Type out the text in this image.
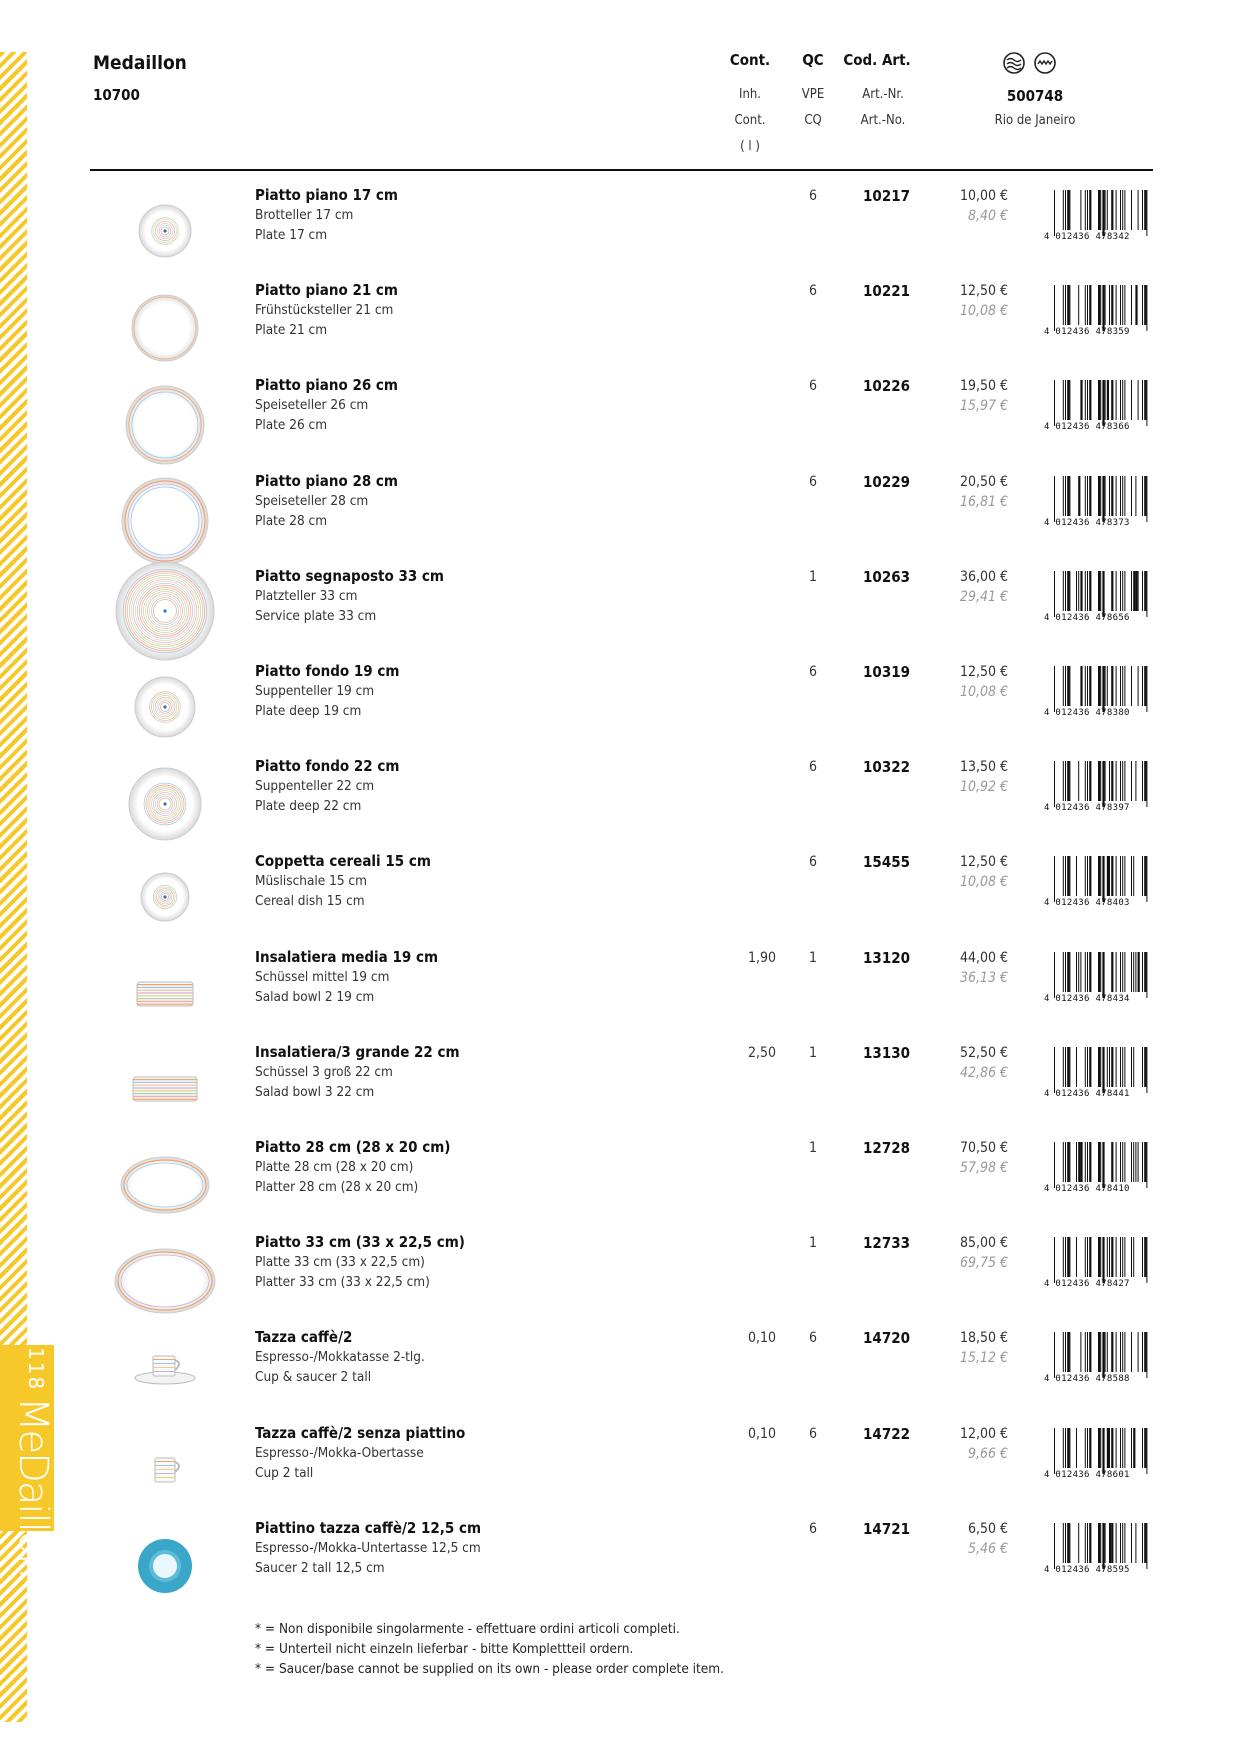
118
MeDaillon
Medaillon
10700
Cont.
Inh.
Cont.
( l )
QC
VPE
CQ
Cod. Art.
Art.-Nr.
Art.-No.
500748
Rio de Janeiro
Piatto piano 17 cm
Brotteller 17 cm
Plate 17 cm
6	10217	10,00 €
8,40 €
4 012436 478342
Piatto piano 21 cm
Frühstücksteller 21 cm
Plate 21 cm
6	10221	12,50 €
10,08 €
4 012436 478359
Piatto piano 26 cm
Speiseteller 26 cm
Plate 26 cm
6	10226	19,50 €
15,97 €
4 012436 478366
Piatto piano 28 cm
Speiseteller 28 cm
Plate 28 cm
6	10229	20,50 €
16,81 €
4 012436 478373
Piatto segnaposto 33 cm
Platzteller 33 cm
Service plate 33 cm
1	10263	36,00 €
29,41 €
4 012436 478656
Piatto fondo 19 cm
Suppenteller 19 cm
Plate deep 19 cm
6	10319	12,50 €
10,08 €
4 012436 478380
Piatto fondo 22 cm
Suppenteller 22 cm
Plate deep 22 cm
6	10322	13,50 €
10,92 €
4 012436 478397
Coppetta cereali 15 cm
Müslischale 15 cm
Cereal dish 15 cm
6	15455	12,50 €
10,08 €
4 012436 478403
Insalatiera media 19 cm
Schüssel mittel 19 cm
Salad bowl 2 19 cm
1,90	1	13120	44,00 €
36,13 €
4 012436 478434
Insalatiera/3 grande 22 cm
Schüssel 3 groß 22 cm
Salad bowl 3 22 cm
2,50	1	13130	52,50 €
42,86 €
4 012436 478441
Piatto 28 cm (28 x 20 cm)
Platte 28 cm (28 x 20 cm)
Platter 28 cm (28 x 20 cm)
1	12728	70,50 €
57,98 €
4 012436 478410
Piatto 33 cm (33 x 22,5 cm)
Platte 33 cm (33 x 22,5 cm)
Platter 33 cm (33 x 22,5 cm)
1	12733	85,00 €
69,75 €
4 012436 478427
Tazza caffè/2
Espresso-/Mokkatasse 2-tlg.
Cup & saucer 2 tall
0,10	6	14720	18,50 €
15,12 €
4 012436 478588
Tazza caffè/2 senza piattino
Espresso-/Mokka-Obertasse
Cup 2 tall
0,10	6	14722	12,00 €
9,66 €
4 012436 478601
Piattino tazza caffè/2 12,5 cm
Espresso-/Mokka-Untertasse 12,5 cm
Saucer 2 tall 12,5 cm
6	14721	6,50 €
5,46 €
4 012436 478595
* = Non disponibile singolarmente - effettuare ordini articoli completi.
* = Unterteil nicht einzeln lieferbar - bitte Komplettteil ordern.
* = Saucer/base cannot be supplied on its own - please order complete item.
